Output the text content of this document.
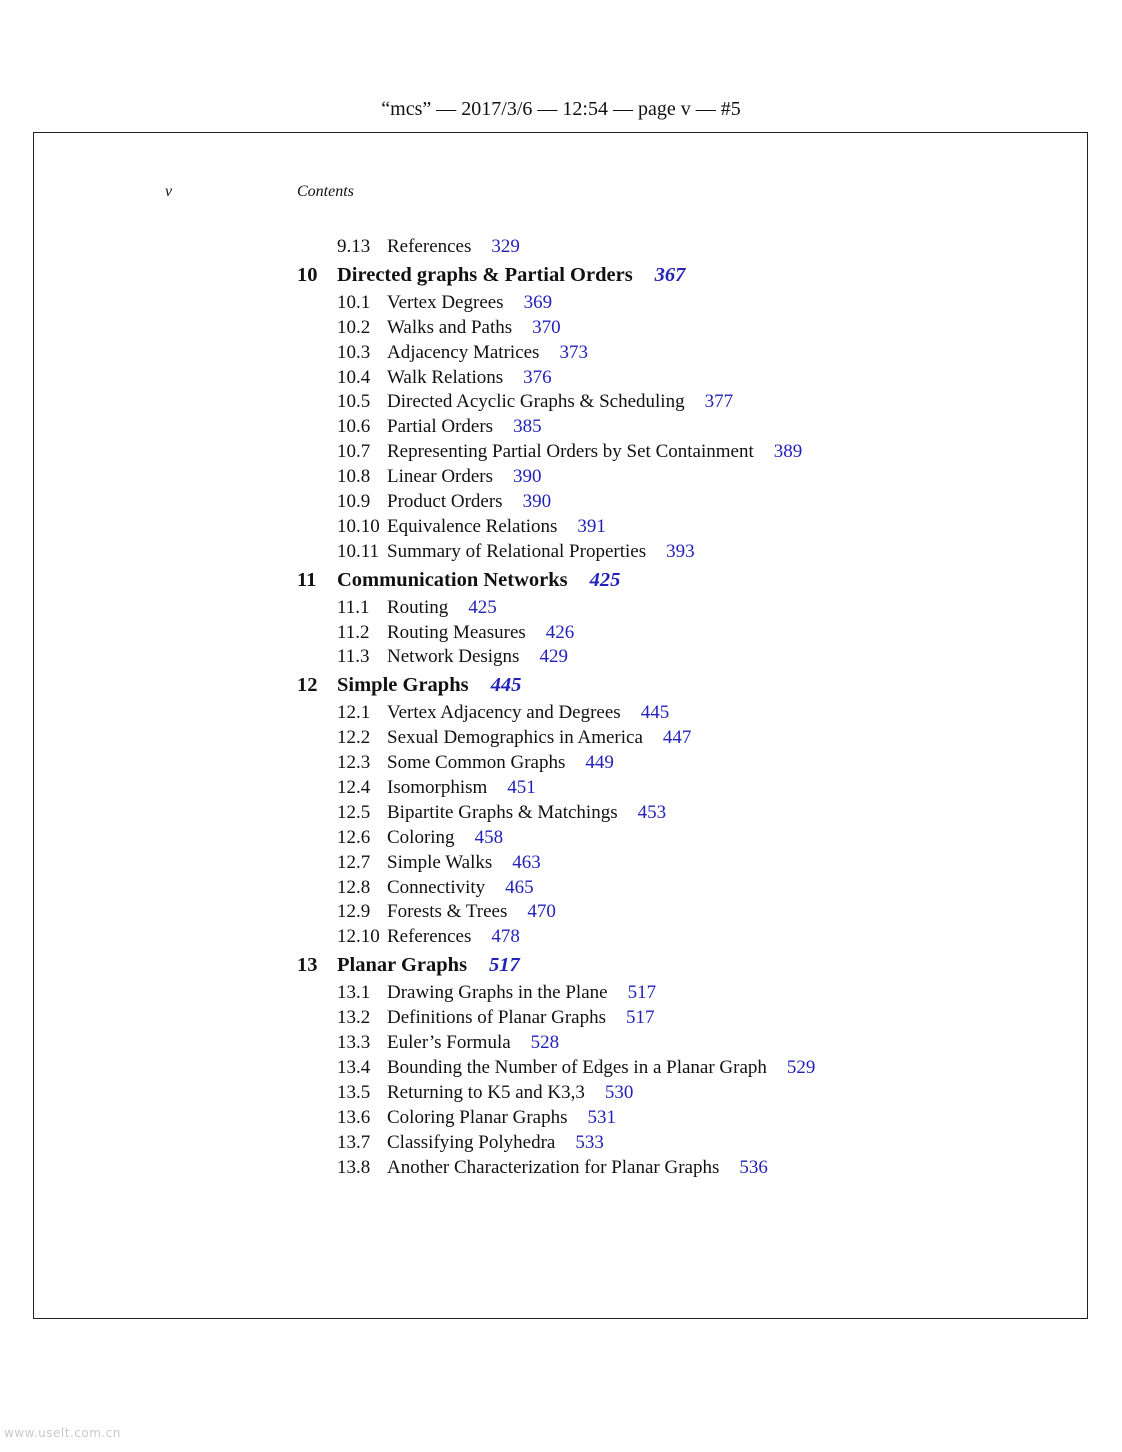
“mcs” — 2017/3/6 — 12:54 — page v — #5
v	Contents
9.13 References 329
10 Directed graphs & Partial Orders 367
10.1 Vertex Degrees 369
10.2 Walks and Paths 370
10.3 Adjacency Matrices 373
10.4 Walk Relations 376
10.5 Directed Acyclic Graphs & Scheduling 377
10.6 Partial Orders 385
10.7 Representing Partial Orders by Set Containment 389
10.8 Linear Orders 390
10.9 Product Orders 390
10.10 Equivalence Relations 391
10.11 Summary of Relational Properties 393
11 Communication Networks 425
11.1 Routing 425
11.2 Routing Measures 426
11.3 Network Designs 429
12 Simple Graphs 445
12.1 Vertex Adjacency and Degrees 445
12.2 Sexual Demographics in America 447
12.3 Some Common Graphs 449
12.4 Isomorphism 451
12.5 Bipartite Graphs & Matchings 453
12.6 Coloring 458
12.7 Simple Walks 463
12.8 Connectivity 465
12.9 Forests & Trees 470
12.10 References 478
13 Planar Graphs 517
13.1 Drawing Graphs in the Plane 517
13.2 Definitions of Planar Graphs 517
13.3 Euler’s Formula 528
13.4 Bounding the Number of Edges in a Planar Graph 529
13.5 Returning to K5 and K3,3 530
13.6 Coloring Planar Graphs 531
13.7 Classifying Polyhedra 533
13.8 Another Characterization for Planar Graphs 536
www.uselt.com.cn
